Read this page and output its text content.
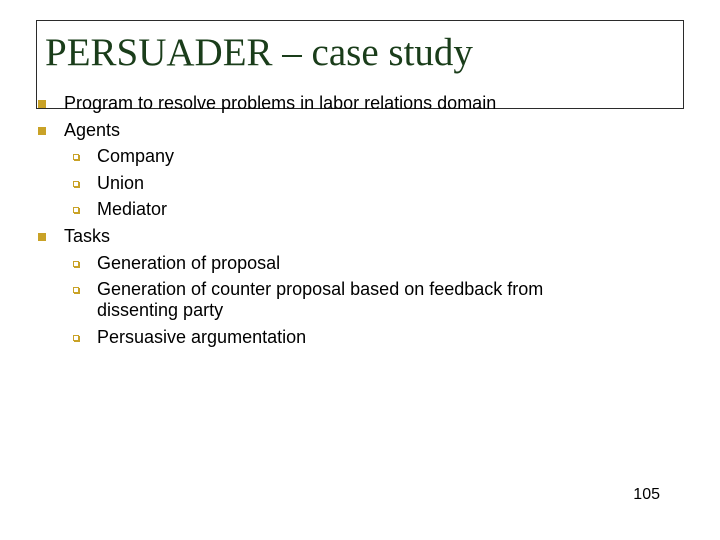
PERSUADER – case study
Program to resolve problems in labor relations domain
Agents
Company
Union
Mediator
Tasks
Generation of proposal
Generation of counter proposal based on feedback from dissenting party
Persuasive argumentation
105
